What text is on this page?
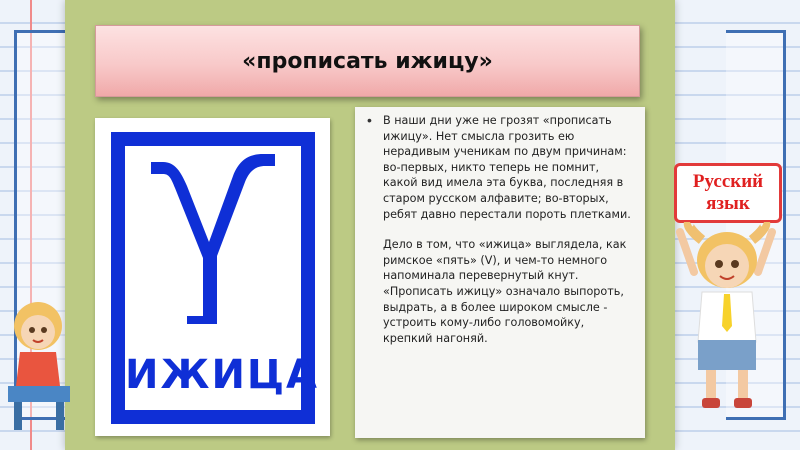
«прописать ижицу»
ИЖИЦА

• В наши дни уже не грозят «прописать ижицу». Нет смысла грозить ею нерадивым ученикам по двум причинам: во-первых, никто теперь не помнит, какой вид имела эта буква, последняя в старом русском алфавите; во-вторых, ребят давно перестали пороть плетками.

Дело в том, что «ижица» выглядела, как римское «пять» (V), и чем-то немного напоминала перевернутый кнут. «Прописать ижицу» означало выпороть, выдрать, а в более широком смысле - устроить кому-либо головомойку, крепкий нагоняй.

Русский
язык
